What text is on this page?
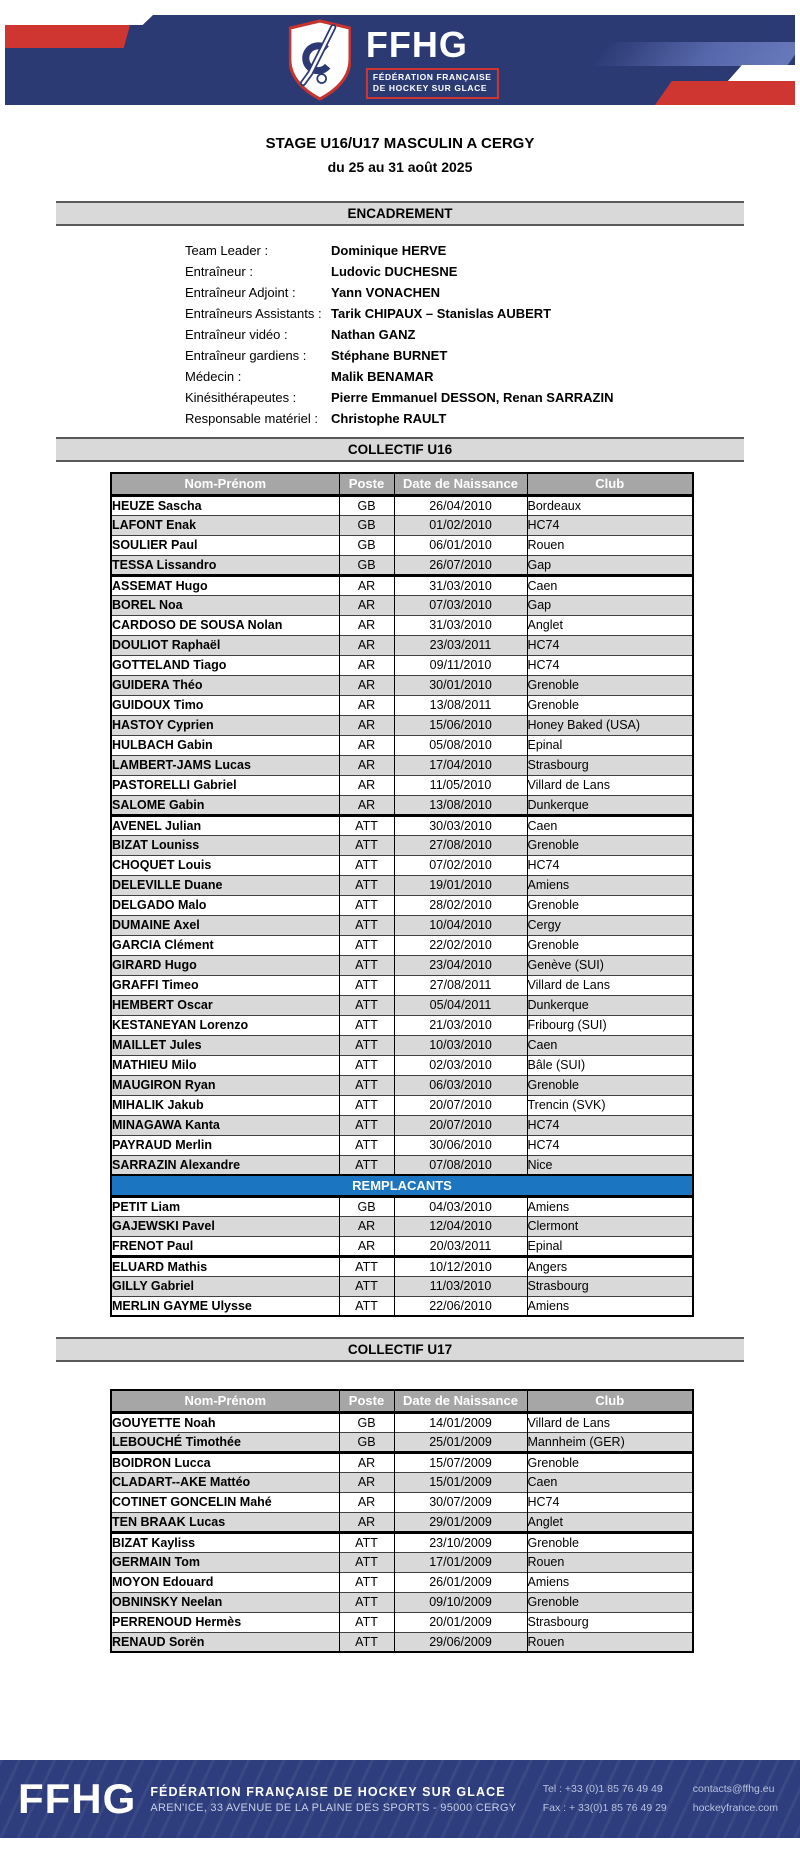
FFHG
FÉDÉRATION FRANÇAISE
DE HOCKEY SUR GLACE
STAGE U16/U17 MASCULIN A CERGY
du 25 au 31 août 2025
ENCADREMENT
Team Leader :	Dominique HERVE
Entraîneur :	Ludovic DUCHESNE
Entraîneur Adjoint :	Yann VONACHEN
Entraîneurs Assistants : Tarik CHIPAUX – Stanislas AUBERT
Entraîneur vidéo :	Nathan GANZ
Entraîneur gardiens :	Stéphane BURNET
Médecin :	Malik BENAMAR
Kinésithérapeutes :	Pierre Emmanuel DESSON, Renan SARRAZIN
Responsable matériel :	Christophe RAULT
COLLECTIF U16
Nom-Prénom	Poste	Date de Naissance	Club
HEUZE Sascha	GB	26/04/2010	Bordeaux
LAFONT Enak	GB	01/02/2010	HC74
SOULIER Paul	GB	06/01/2010	Rouen
TESSA Lissandro	GB	26/07/2010	Gap
ASSEMAT Hugo	AR	31/03/2010	Caen
BOREL Noa	AR	07/03/2010	Gap
CARDOSO DE SOUSA Nolan	AR	31/03/2010	Anglet
DOULIOT Raphaël	AR	23/03/2011	HC74
GOTTELAND Tiago	AR	09/11/2010	HC74
GUIDERA Théo	AR	30/01/2010	Grenoble
GUIDOUX Timo	AR	13/08/2011	Grenoble
HASTOY Cyprien	AR	15/06/2010	Honey Baked (USA)
HULBACH Gabin	AR	05/08/2010	Epinal
LAMBERT-JAMS Lucas	AR	17/04/2010	Strasbourg
PASTORELLI Gabriel	AR	11/05/2010	Villard de Lans
SALOME Gabin	AR	13/08/2010	Dunkerque
AVENEL Julian	ATT	30/03/2010	Caen
BIZAT Louniss	ATT	27/08/2010	Grenoble
CHOQUET Louis	ATT	07/02/2010	HC74
DELEVILLE Duane	ATT	19/01/2010	Amiens
DELGADO Malo	ATT	28/02/2010	Grenoble
DUMAINE Axel	ATT	10/04/2010	Cergy
GARCIA Clément	ATT	22/02/2010	Grenoble
GIRARD Hugo	ATT	23/04/2010	Genève (SUI)
GRAFFI Timeo	ATT	27/08/2011	Villard de Lans
HEMBERT Oscar	ATT	05/04/2011	Dunkerque
KESTANEYAN Lorenzo	ATT	21/03/2010	Fribourg (SUI)
MAILLET Jules	ATT	10/03/2010	Caen
MATHIEU Milo	ATT	02/03/2010	Bâle (SUI)
MAUGIRON Ryan	ATT	06/03/2010	Grenoble
MIHALIK Jakub	ATT	20/07/2010	Trencin (SVK)
MINAGAWA Kanta	ATT	20/07/2010	HC74
PAYRAUD Merlin	ATT	30/06/2010	HC74
SARRAZIN Alexandre	ATT	07/08/2010	Nice
REMPLACANTS			
PETIT Liam	GB	04/03/2010	Amiens
GAJEWSKI Pavel	AR	12/04/2010	Clermont
FRENOT Paul	AR	20/03/2011	Epinal
ELUARD Mathis	ATT	10/12/2010	Angers
GILLY Gabriel	ATT	11/03/2010	Strasbourg
MERLIN GAYME Ulysse	ATT	22/06/2010	Amiens
COLLECTIF U17
Nom-Prénom	Poste	Date de Naissance	Club
GOUYETTE Noah	GB	14/01/2009	Villard de Lans
LEBOUCHÉ Timothée	GB	25/01/2009	Mannheim (GER)
BOIDRON Lucca	AR	15/07/2009	Grenoble
CLADART--AKE Mattéo	AR	15/01/2009	Caen
COTINET GONCELIN Mahé	AR	30/07/2009	HC74
TEN BRAAK Lucas	AR	29/01/2009	Anglet
BIZAT Kayliss	ATT	23/10/2009	Grenoble
GERMAIN Tom	ATT	17/01/2009	Rouen
MOYON Edouard	ATT	26/01/2009	Amiens
OBNINSKY Neelan	ATT	09/10/2009	Grenoble
PERRENOUD Hermès	ATT	20/01/2009	Strasbourg
RENAUD Sorën	ATT	29/06/2009	Rouen
FFHG FÉDÉRATION FRANÇAISE DE HOCKEY SUR GLACE
AREN'ICE, 33 AVENUE DE LA PLAINE DES SPORTS - 95000 CERGY
Tel : +33 (0)1 85 76 49 49
Fax : + 33(0)1 85 76 49 29
contacts@ffhg.eu
hockeyfrance.com
